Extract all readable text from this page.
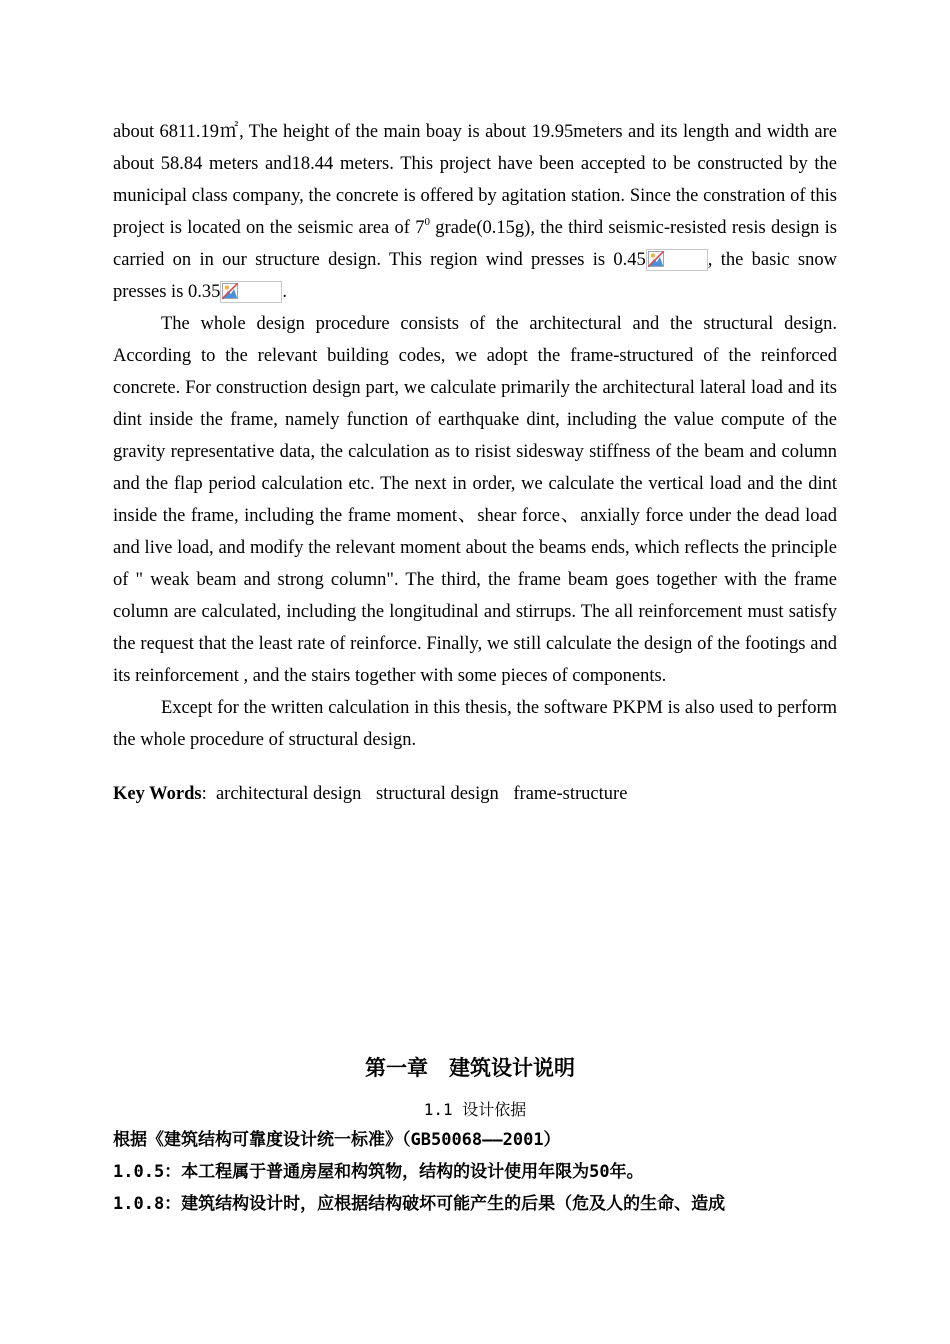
about 6811.19㎡, The height of the main boay is about 19.95meters and its length and width are about 58.84 meters and18.44 meters. This project have been accepted to be constructed by the municipal class company, the concrete is offered by agitation station. Since the constration of this project is located on the seismic area of $7^0$ grade(0.15g), the third seismic-resisted resis design is carried on in our structure design. This region wind presses is 0.45	, the basic snow presses is 0.35	.

The whole design procedure consists of the architectural and the structural design. According to the relevant building codes, we adopt the frame-structured of the reinforced concrete. For construction design part, we calculate primarily the architectural lateral load and its dint inside the frame, namely function of earthquake dint, including the value compute of the gravity representative data, the calculation as to risist sidesway stiffness of the beam and column and the flap period calculation etc. The next in order, we calculate the vertical load and the dint inside the frame, including the frame moment、shear force、anxially force under the dead load and live load, and modify the relevant moment about the beams ends, which reflects the principle of " weak beam and strong column". The third, the frame beam goes together with the frame column are calculated, including the longitudinal and stirrups. The all reinforcement must satisfy the request that the least rate of reinforce. Finally, we still calculate the design of the footings and its reinforcement , and the stairs together with some pieces of components.

Except for the written calculation in this thesis, the software PKPM is also used to perform the whole procedure of structural design.

Key Words: architectural design structural design frame-structure

第一章　建筑设计说明
1.1 设计依据
根据《建筑结构可靠度设计统一标准》（GB50068——2001）
1.0.5：本工程属于普通房屋和构筑物，结构的设计使用年限为50年。
1.0.8：建筑结构设计时，应根据结构破坏可能产生的后果（危及人的生命、造成
